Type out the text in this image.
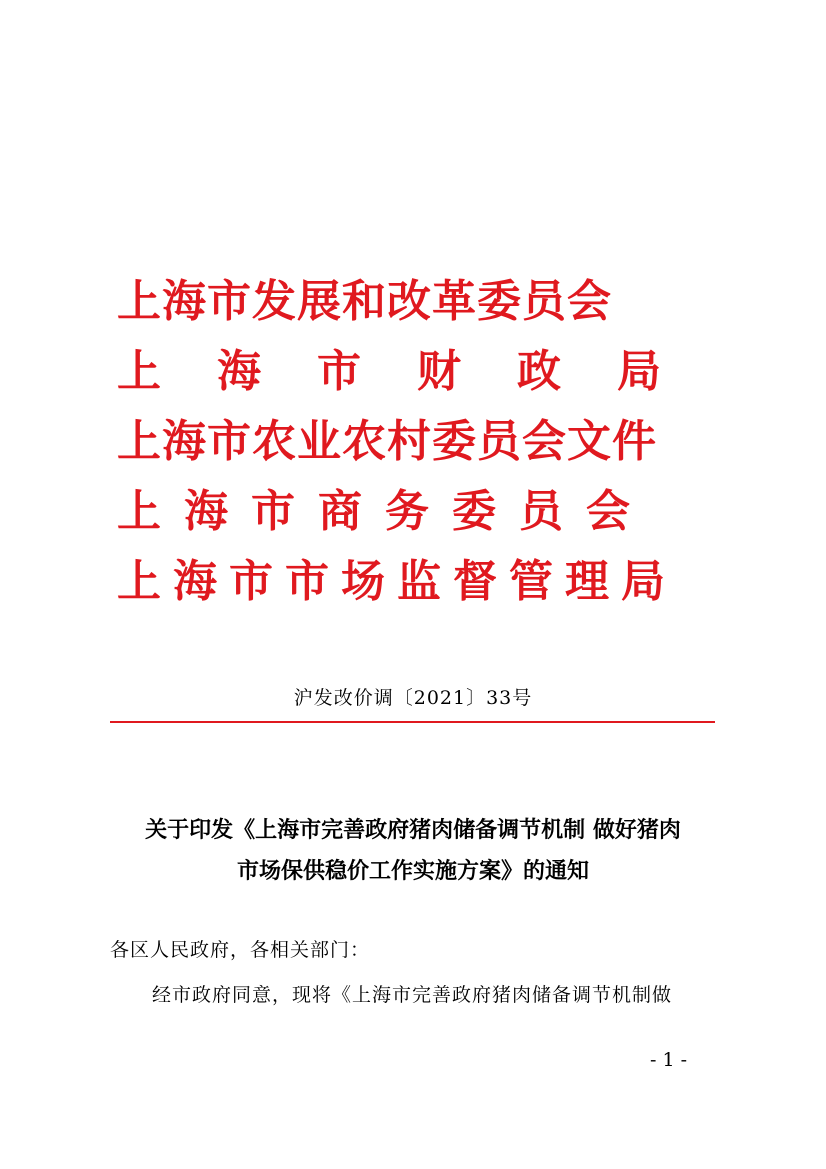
上海市发展和改革委员会
上海市财政局
上海市农业农村委员会文件
上海市商务委员会
上海市市场监督管理局
沪发改价调〔2021〕33号
关于印发《上海市完善政府猪肉储备调节机制 做好猪肉
市场保供稳价工作实施方案》的通知
各区人民政府，各相关部门：
经市政府同意，现将《上海市完善政府猪肉储备调节机制做
- 1 -
